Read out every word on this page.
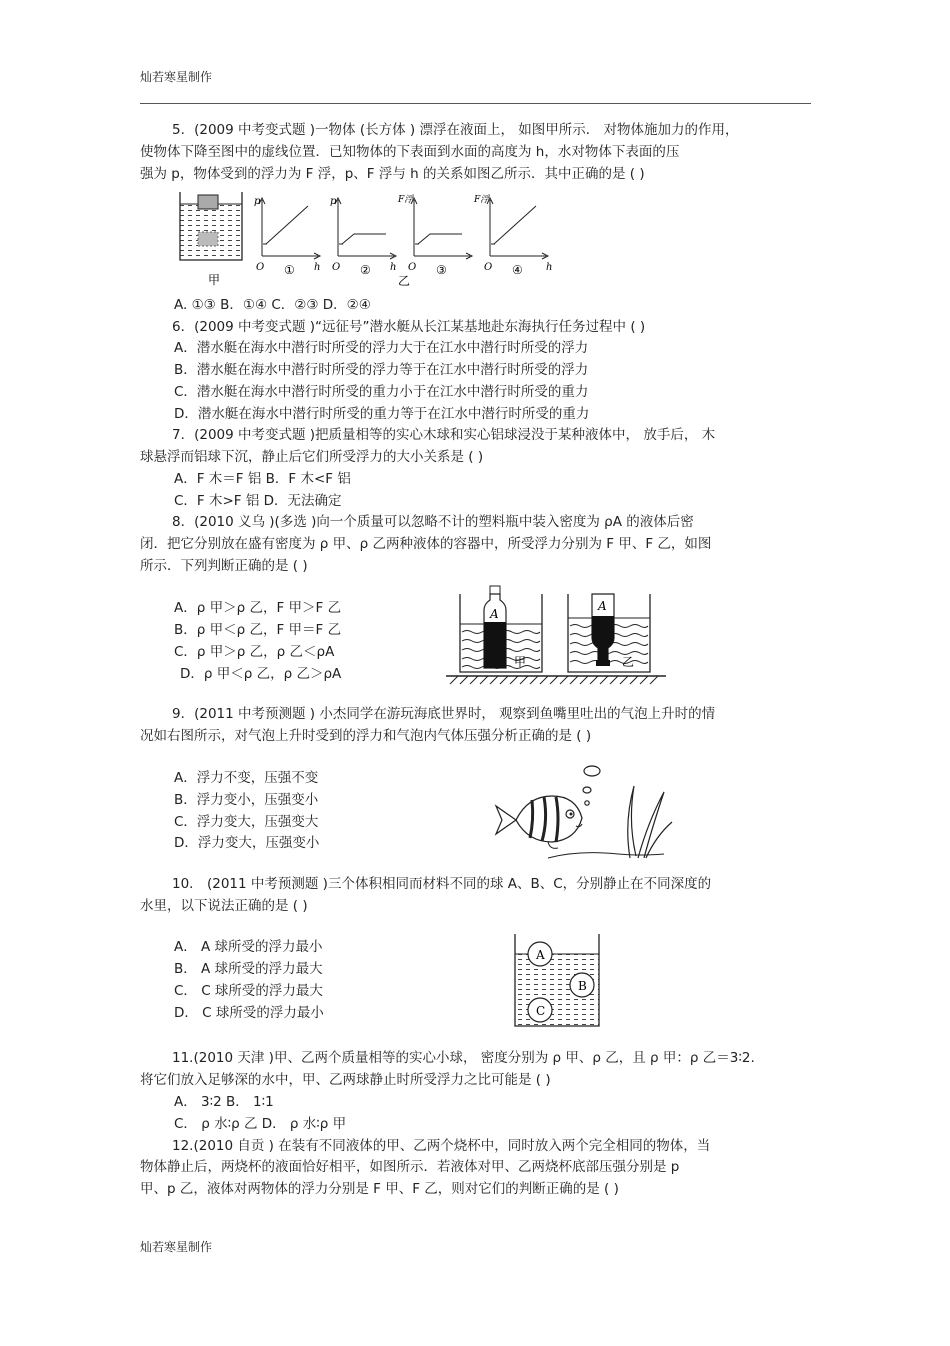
灿若寒星制作
灿若寒星制作
5．(2009 中考变式题 )一物体 (长方体 ) 漂浮在液面上， 如图甲所示． 对物体施加力的作用，
使物体下降至图中的虚线位置．已知物体的下表面到水面的高度为 h，水对物体下表面的压
强为 p，物体受到的浮力为 F 浮，p、F 浮与 h 的关系如图乙所示．其中正确的是 ( )
甲
p
O	h
①
p
O	h
②
F浮
O ③
F浮
O	h
④
乙
A. ①③ B．①④ C．②③ D．②④
6．(2009 中考变式题 )“远征号”潜水艇从长江某基地赴东海执行任务过程中 ( )
A．潜水艇在海水中潜行时所受的浮力大于在江水中潜行时所受的浮力
B．潜水艇在海水中潜行时所受的浮力等于在江水中潜行时所受的浮力
C．潜水艇在海水中潜行时所受的重力小于在江水中潜行时所受的重力
D．潜水艇在海水中潜行时所受的重力等于在江水中潜行时所受的重力
7．(2009 中考变式题 )把质量相等的实心木球和实心铝球浸没于某种液体中， 放手后， 木
球悬浮而铝球下沉，静止后它们所受浮力的大小关系是 ( )
A．F 木＝F 铝 B．F 木<F 铝
C．F 木>F 铝 D．无法确定
8．(2010 义乌 )(多选 )向一个质量可以忽略不计的塑料瓶中装入密度为 ρA 的液体后密
闭．把它分别放在盛有密度为 ρ 甲、ρ 乙两种液体的容器中，所受浮力分别为 F 甲、F 乙，如图
所示．下列判断正确的是 ( )
A．ρ 甲＞ρ 乙，F 甲＞F 乙
B．ρ 甲＜ρ 乙，F 甲＝F 乙
C．ρ 甲＞ρ 乙，ρ 乙＜ρA
D．ρ 甲＜ρ 乙，ρ 乙＞ρA
A
甲
A
乙
9．(2011 中考预测题 ) 小杰同学在游玩海底世界时， 观察到鱼嘴里吐出的气泡上升时的情
况如右图所示，对气泡上升时受到的浮力和气泡内气体压强分析正确的是 ( )
A．浮力不变，压强不变
B．浮力变小，压强变小
C．浮力变大，压强变大
D．浮力变大，压强变小
10． (2011 中考预测题 )三个体积相同而材料不同的球 A、B、C，分别静止在不同深度的
水里，以下说法正确的是 ( )
A． A 球所受的浮力最小
B． A 球所受的浮力最大
C． C 球所受的浮力最大
D． C 球所受的浮力最小
A
B
C
11.(2010 天津 )甲、乙两个质量相等的实心小球， 密度分别为 ρ 甲、ρ 乙，且 ρ 甲：ρ 乙＝3∶2.
将它们放入足够深的水中，甲、乙两球静止时所受浮力之比可能是 ( )
A． 3∶2 B． 1∶1
C． ρ 水∶ρ 乙 D． ρ 水∶ρ 甲
12.(2010 自贡 ) 在装有不同液体的甲、乙两个烧杯中，同时放入两个完全相同的物体，当
物体静止后，两烧杯的液面恰好相平，如图所示．若液体对甲、乙两烧杯底部压强分别是 p
甲、p 乙，液体对两物体的浮力分别是 F 甲、F 乙，则对它们的判断正确的是 ( )
